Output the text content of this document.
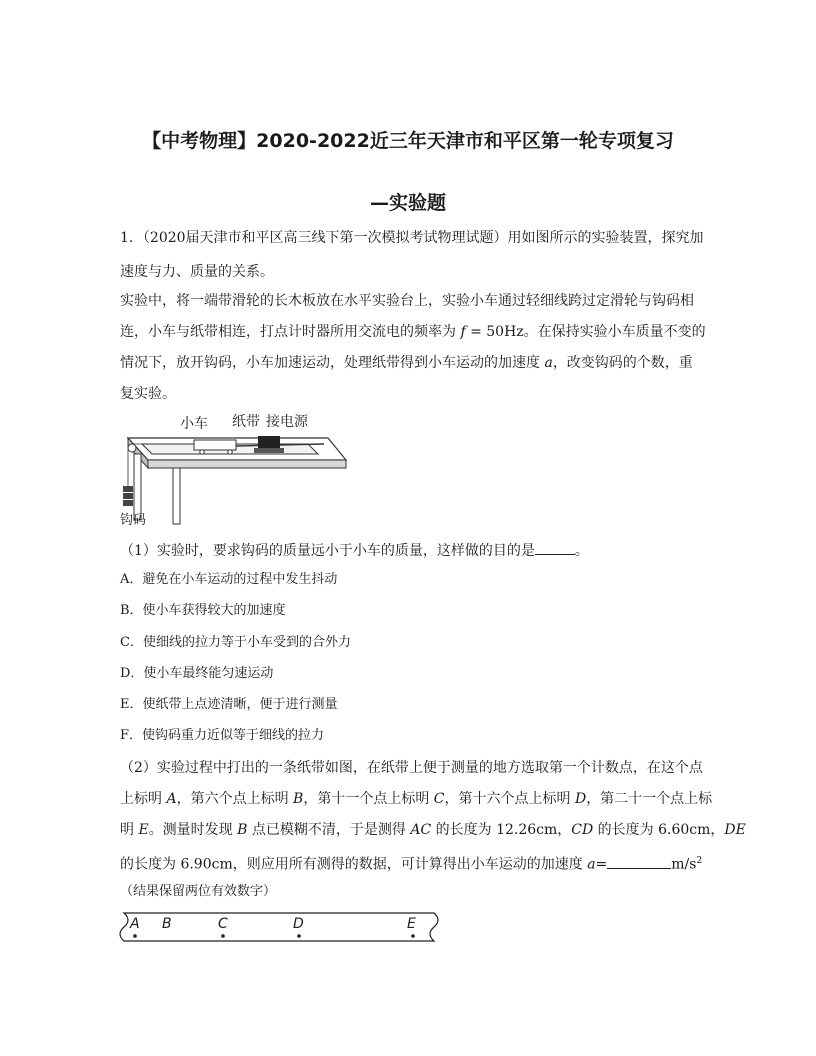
【中考物理】2020-2022近三年天津市和平区第一轮专项复习
—实验题
1．（2020届天津市和平区高三线下第一次模拟考试物理试题）用如图所示的实验装置，探究加
速度与力、质量的关系。
实验中，将一端带滑轮的长木板放在水平实验台上，实验小车通过轻细线跨过定滑轮与钩码相
连，小车与纸带相连，打点计时器所用交流电的频率为 f = 50Hz。在保持实验小车质量不变的
情况下，放开钩码，小车加速运动，处理纸带得到小车运动的加速度 a，改变钩码的个数，重
复实验。
小车 纸带 接电源
钩码
（1）实验时，要求钩码的质量远小于小车的质量，这样做的目的是	。
A．避免在小车运动的过程中发生抖动
B．使小车获得较大的加速度
C．使细线的拉力等于小车受到的合外力
D．使小车最终能匀速运动
E．使纸带上点迹清晰，便于进行测量
F．使钩码重力近似等于细线的拉力
（2）实验过程中打出的一条纸带如图，在纸带上便于测量的地方选取第一个计数点，在这个点
上标明 A，第六个点上标明 B，第十一个点上标明 C，第十六个点上标明 D，第二十一个点上标
明 E。测量时发现 B 点已模糊不清，于是测得 AC 的长度为 12.26cm，CD 的长度为 6.60cm，DE
的长度为 6.90cm，则应用所有测得的数据，可计算得出小车运动的加速度 a=	$m/s^2$
（结果保留两位有效数字）
A B	C	D	E
